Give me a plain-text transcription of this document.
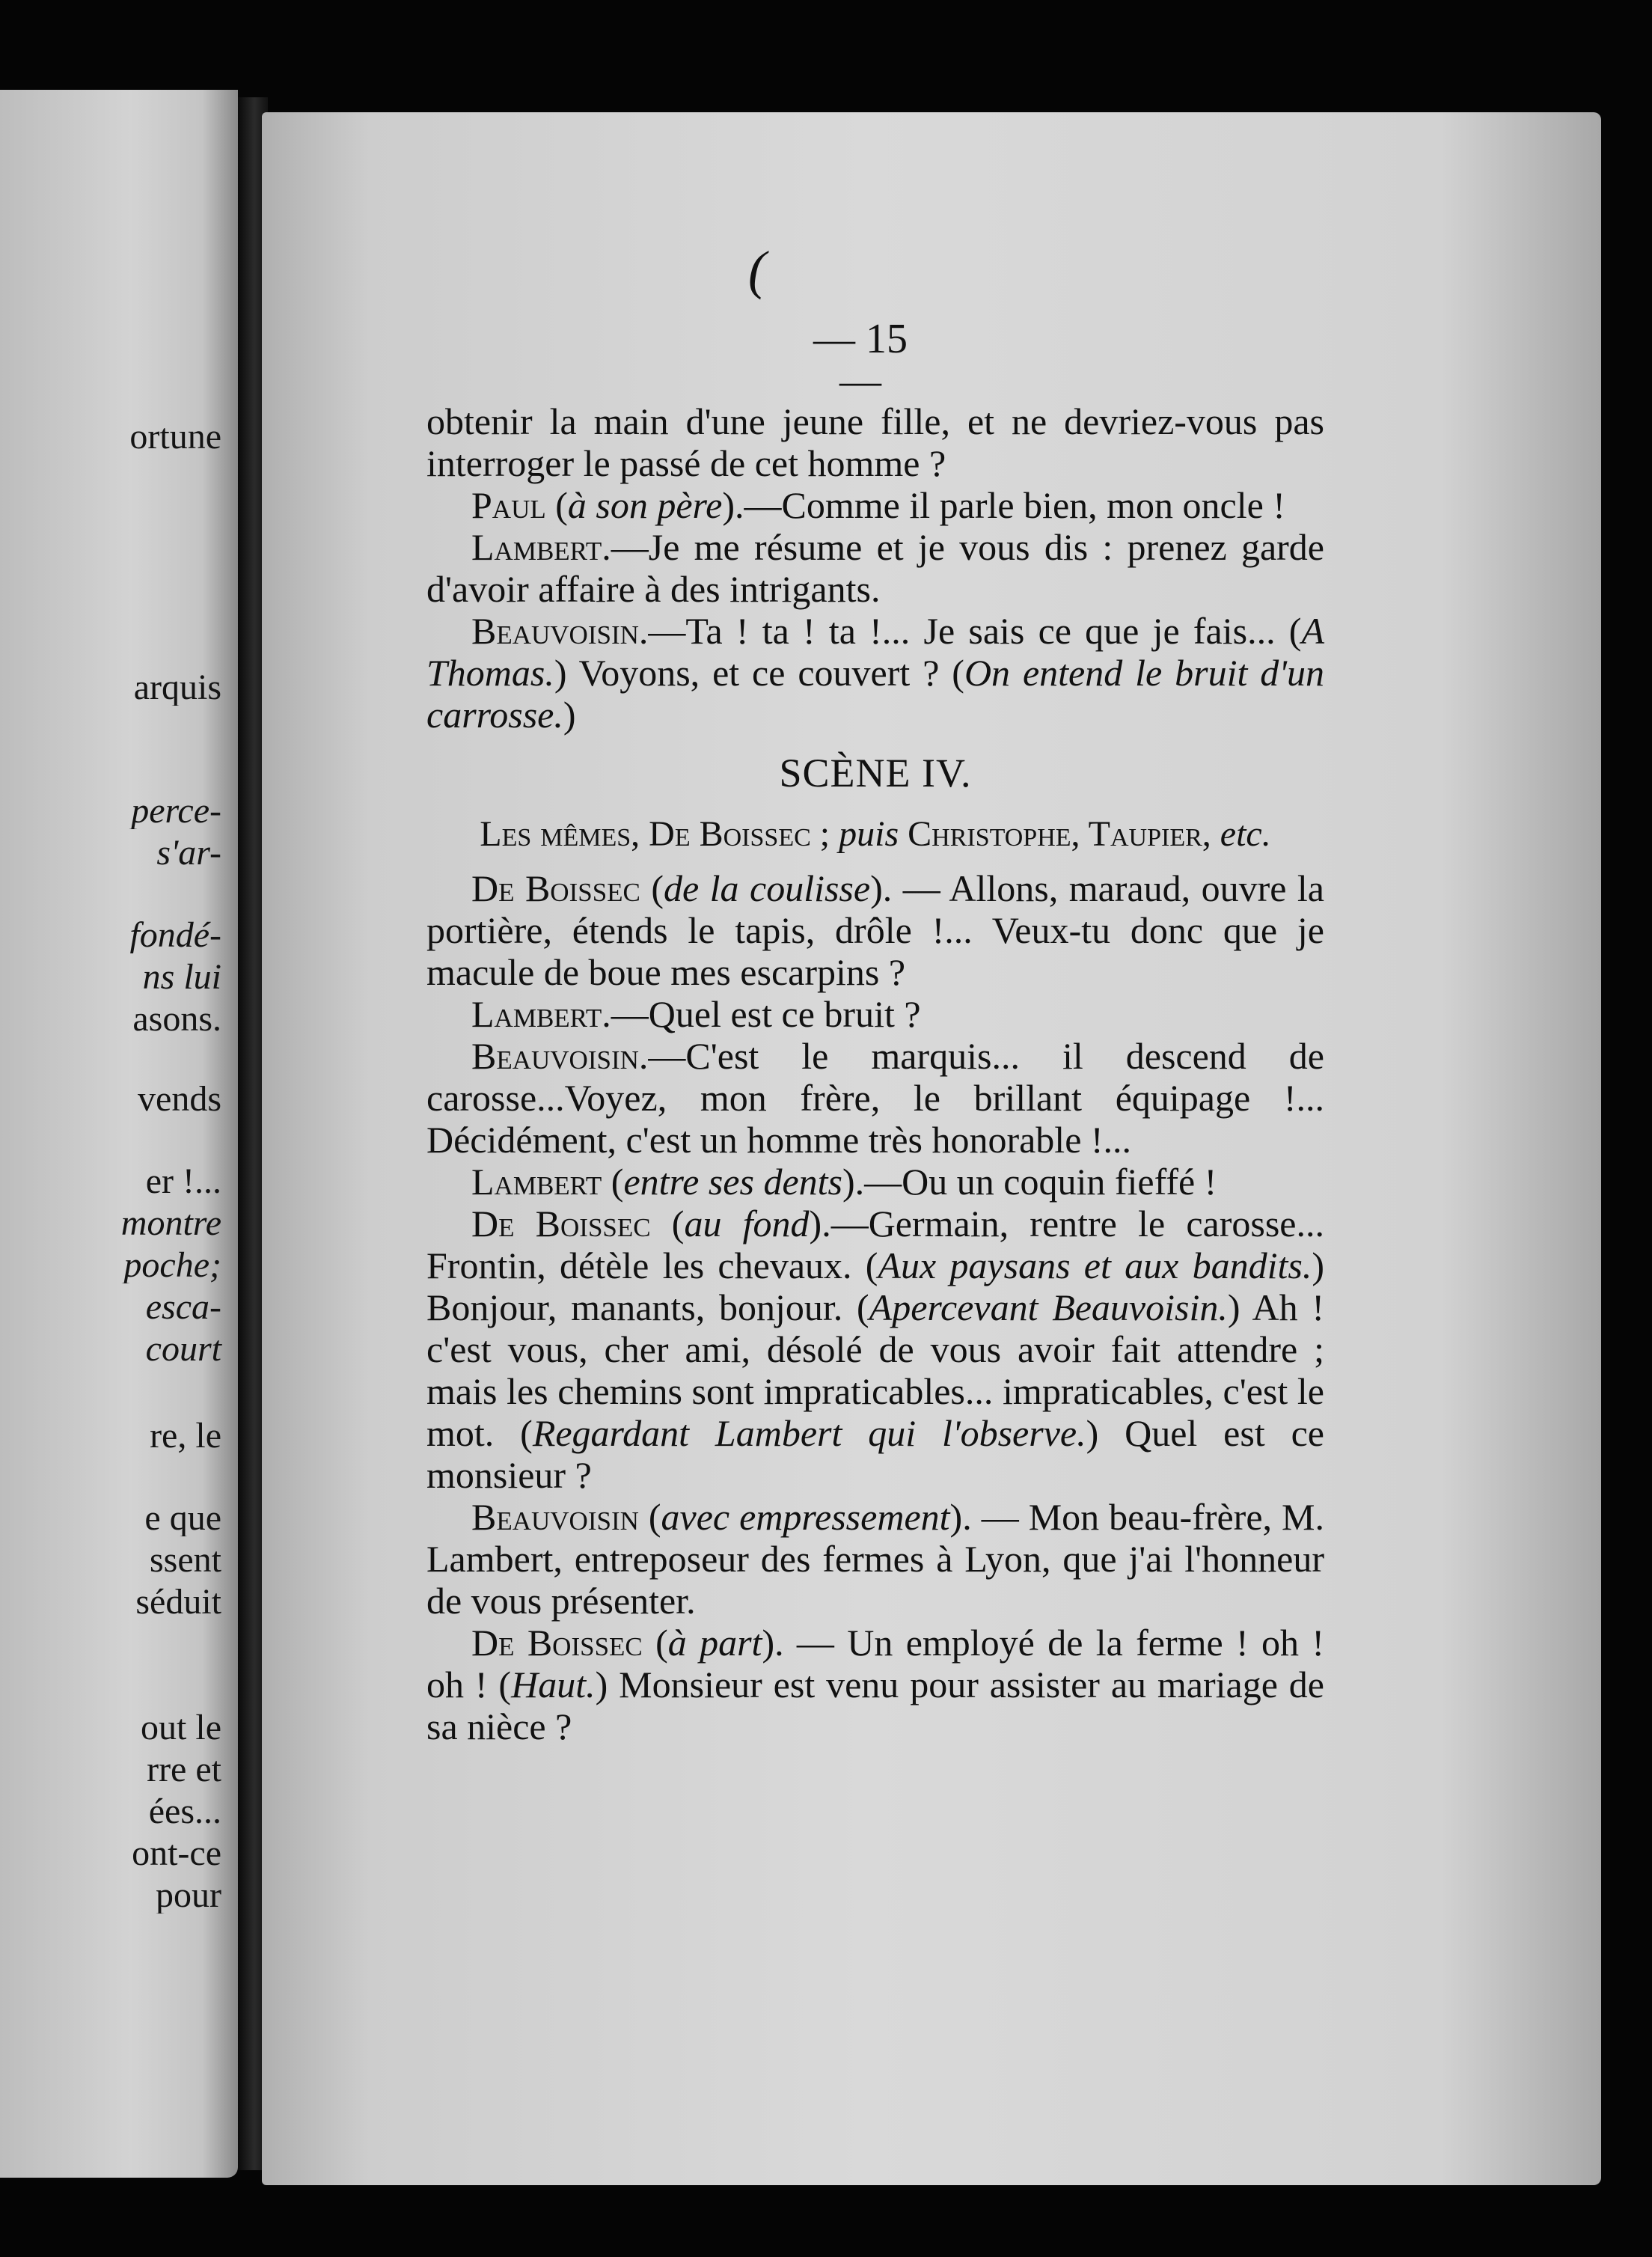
ortune
arquis
perce-
s'ar-
fondé-
ns lui
asons.
vends
er !...
montre
poche;
esca-
court
re, le
e que
ssent
séduit
out le
rre et
ées...
ont-ce
pour
(
— 15 —

obtenir la main d'une jeune fille, et ne devriez-vous pas interroger le passé de cet homme ?

Paul (à son père).—Comme il parle bien, mon oncle !

Lambert.—Je me résume et je vous dis : prenez garde d'avoir affaire à des intrigants.

Beauvoisin.—Ta ! ta ! ta !... Je sais ce que je fais... (A Thomas.) Voyons, et ce couvert ? (On entend le bruit d'un carrosse.)

SCÈNE IV.
Les mêmes, De Boissec ; puis Christophe, Taupier, etc.

De Boissec (de la coulisse). — Allons, maraud, ouvre la portière, étends le tapis, drôle !... Veux-tu donc que je macule de boue mes escarpins ?

Lambert.—Quel est ce bruit ?

Beauvoisin.—C'est le marquis... il descend de carosse...Voyez, mon frère, le brillant équipage !... Décidément, c'est un homme très honorable !...

Lambert (entre ses dents).—Ou un coquin fieffé !

De Boissec (au fond).—Germain, rentre le carosse... Frontin, détèle les chevaux. (Aux paysans et aux bandits.) Bonjour, manants, bonjour. (Apercevant Beauvoisin.) Ah ! c'est vous, cher ami, désolé de vous avoir fait attendre ; mais les chemins sont impraticables... impraticables, c'est le mot. (Regardant Lambert qui l'observe.) Quel est ce monsieur ?

Beauvoisin (avec empressement). — Mon beau-frère, M. Lambert, entreposeur des fermes à Lyon, que j'ai l'honneur de vous présenter.

De Boissec (à part). — Un employé de la ferme ! oh ! oh ! (Haut.) Monsieur est venu pour assister au mariage de sa nièce ?
